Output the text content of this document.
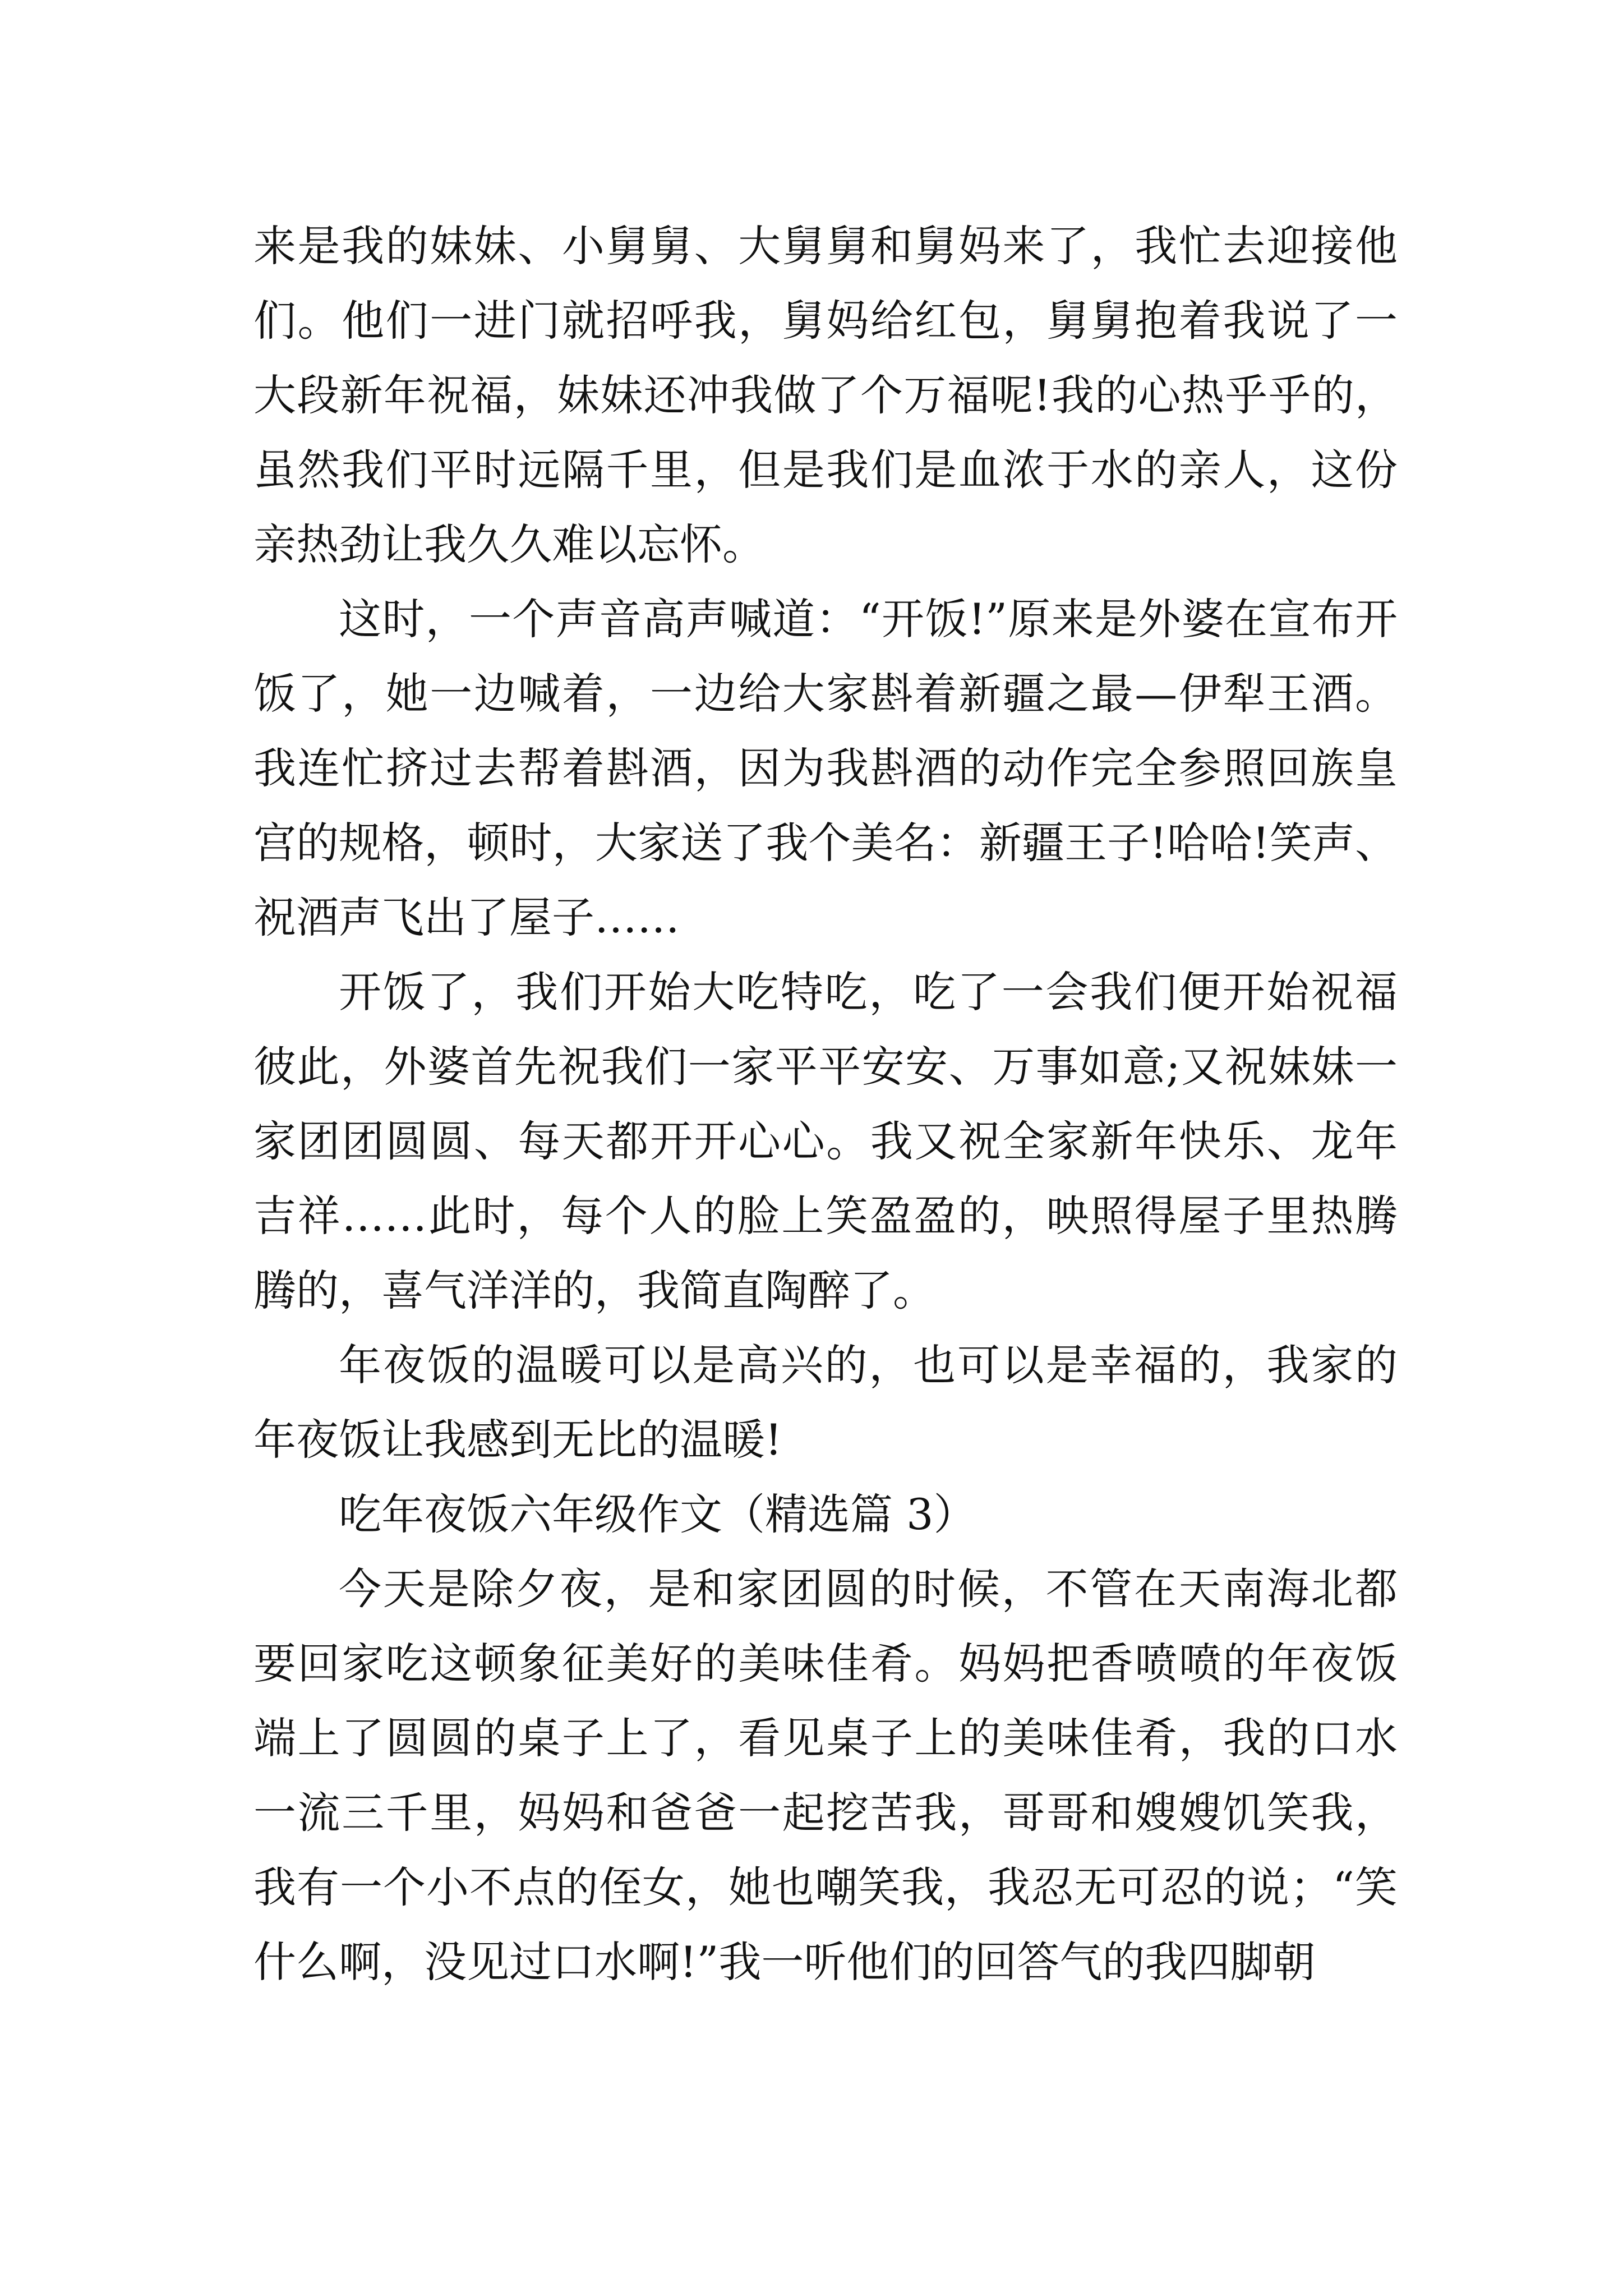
来是我的妹妹、小舅舅、大舅舅和舅妈来了，我忙去迎接他们。他们一进门就招呼我，舅妈给红包，舅舅抱着我说了一大段新年祝福，妹妹还冲我做了个万福呢!我的心热乎乎的，虽然我们平时远隔千里，但是我们是血浓于水的亲人，这份亲热劲让我久久难以忘怀。

这时，一个声音高声喊道：“开饭!”原来是外婆在宣布开饭了，她一边喊着，一边给大家斟着新疆之最—伊犁王酒。我连忙挤过去帮着斟酒，因为我斟酒的动作完全参照回族皇宫的规格，顿时，大家送了我个美名：新疆王子!哈哈!笑声、祝酒声飞出了屋子……

开饭了，我们开始大吃特吃，吃了一会我们便开始祝福彼此，外婆首先祝我们一家平平安安、万事如意;又祝妹妹一家团团圆圆、每天都开开心心。我又祝全家新年快乐、龙年吉祥……此时，每个人的脸上笑盈盈的，映照得屋子里热腾腾的，喜气洋洋的，我简直陶醉了。

年夜饭的温暖可以是高兴的，也可以是幸福的，我家的年夜饭让我感到无比的温暖!

吃年夜饭六年级作文（精选篇 3）

今天是除夕夜，是和家团圆的时候，不管在天南海北都要回家吃这顿象征美好的美味佳肴。妈妈把香喷喷的年夜饭端上了圆圆的桌子上了，看见桌子上的美味佳肴，我的口水一流三千里，妈妈和爸爸一起挖苦我，哥哥和嫂嫂饥笑我，我有一个小不点的侄女，她也嘲笑我，我忍无可忍的说；“笑什么啊，没见过口水啊!”我一听他们的回答气的我四脚朝
